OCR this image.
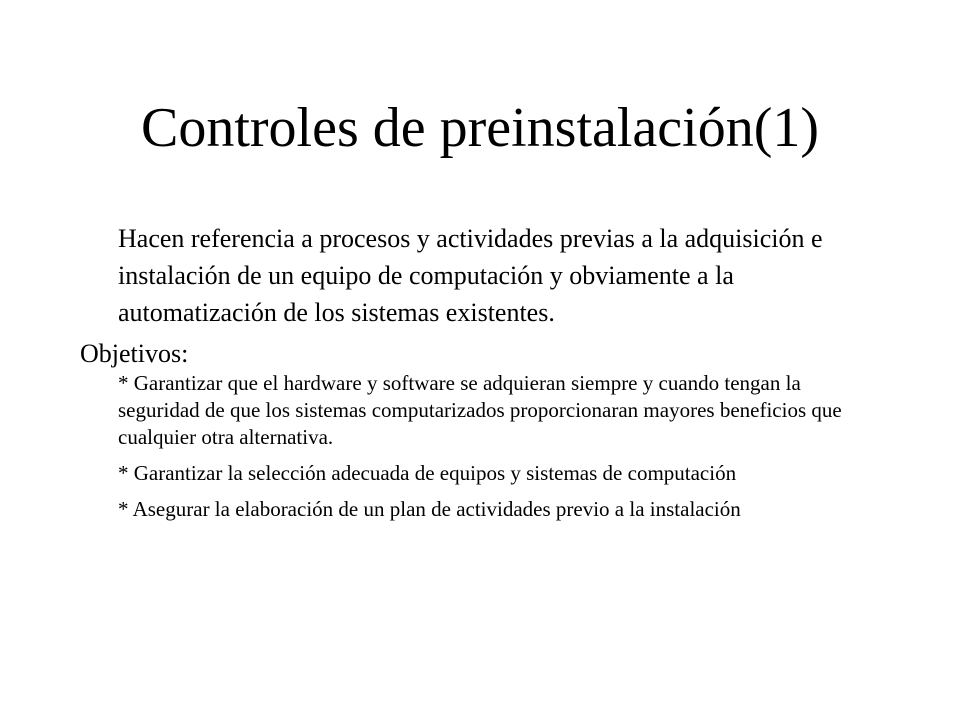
Controles de preinstalación(1)

Hacen referencia a procesos y actividades previas a la adquisición e instalación de un equipo de computación y obviamente a la automatización de los sistemas existentes.

Objetivos:

* Garantizar que el hardware y software se adquieran siempre y cuando tengan la seguridad de que los sistemas computarizados proporcionaran mayores beneficios que cualquier otra alternativa.
* Garantizar la selección adecuada de equipos y sistemas de computación
* Asegurar la elaboración de un plan de actividades previo a la instalación
